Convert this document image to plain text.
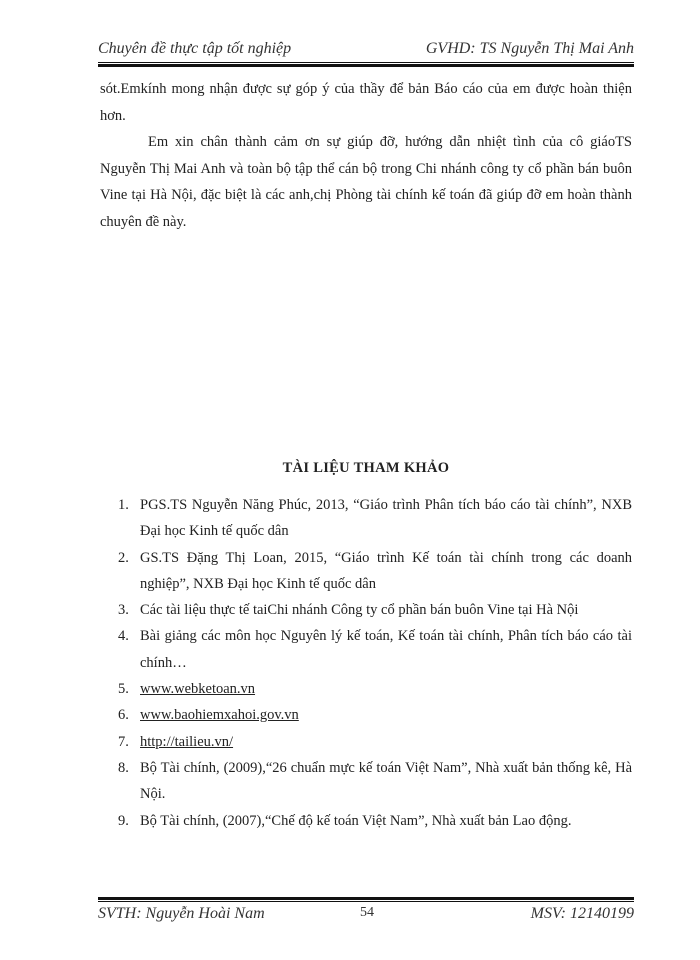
Chuyên đề thực tập tốt nghiệp	GVHD: TS Nguyễn Thị Mai Anh

sót.Emkính mong nhận được sự góp ý của thầy để bản Báo cáo của em được hoàn thiện hơn.

Em xin chân thành cảm ơn sự giúp đỡ, hướng dẫn nhiệt tình của cô giáoTS Nguyễn Thị Mai Anh và toàn bộ tập thể cán bộ trong Chi nhánh công ty cổ phần bán buôn Vine tại Hà Nội, đặc biệt là các anh,chị Phòng tài chính kế toán đã giúp đỡ em hoàn thành chuyên đề này.

TÀI LIỆU THAM KHẢO
1. PGS.TS Nguyễn Năng Phúc, 2013, “Giáo trình Phân tích báo cáo tài chính”, NXB Đại học Kinh tế quốc dân
2. GS.TS Đặng Thị Loan, 2015, “Giáo trình Kế toán tài chính trong các doanh nghiệp”, NXB Đại học Kinh tế quốc dân
3. Các tài liệu thực tế taiChi nhánh Công ty cổ phần bán buôn Vine tại Hà Nội
4. Bài giảng các môn học Nguyên lý kế toán, Kế toán tài chính, Phân tích báo cáo tài chính…
5. www.webketoan.vn
6. www.baohiemxahoi.gov.vn
7. http://tailieu.vn/
8. Bộ Tài chính, (2009),“26 chuẩn mực kế toán Việt Nam”, Nhà xuất bản thống kê, Hà Nội.
9. Bộ Tài chính, (2007),“Chế độ kế toán Việt Nam”, Nhà xuất bản Lao động.
SVTH: Nguyễn Hoài Nam	54	MSV: 12140199
